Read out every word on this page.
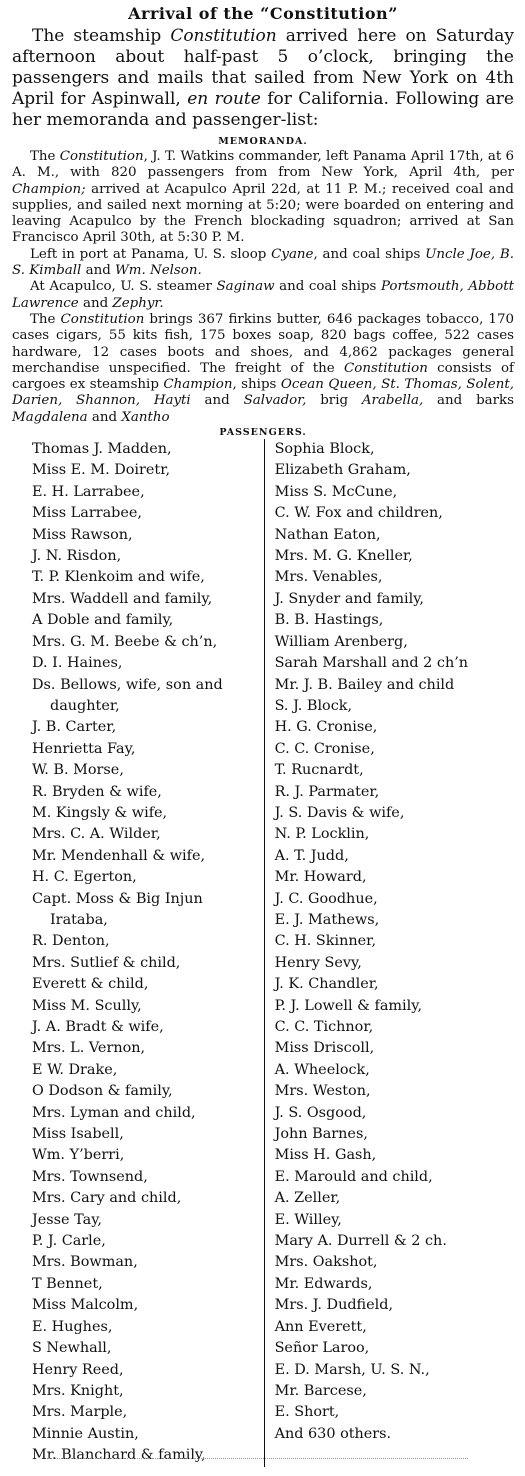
Arrival of the “Constitution”

The steamship Constitution arrived here on Saturday afternoon about half-past 5 o’clock, bringing the passengers and mails that sailed from New York on 4th April for Aspinwall, en route for California. Following are her memoranda and passenger-list:

MEMORANDA.

The Constitution, J. T. Watkins commander, left Panama April 17th, at 6 A. M., with 820 passengers from from New York, April 4th, per Champion; arrived at Acapulco April 22d, at 11 P. M.; received coal and supplies, and sailed next morning at 5:20; were boarded on entering and leaving Acapulco by the French blockading squadron; arrived at San Francisco April 30th, at 5:30 P. M.

Left in port at Panama, U. S. sloop Cyane, and coal ships Uncle Joe, B. S. Kimball and Wm. Nelson.

At Acapulco, U. S. steamer Saginaw and coal ships Portsmouth, Abbott Lawrence and Zephyr.

The Constitution brings 367 firkins butter, 646 packages tobacco, 170 cases cigars, 55 kits fish, 175 boxes soap, 820 bags coffee, 522 cases hardware, 12 cases boots and shoes, and 4,862 packages general merchandise unspecified. The freight of the Constitution consists of cargoes ex steamship Champion, ships Ocean Queen, St. Thomas, Solent, Darien, Shannon, Hayti and Salvador, brig Arabella, and barks Magdalena and Xantho

PASSENGERS.
Thomas J. Madden,
Miss E. M. Doiretr,
E. H. Larrabee,
Miss Larrabee,
Miss Rawson,
J. N. Risdon,
T. P. Klenkoim and wife,
Mrs. Waddell and family,
A Doble and family,
Mrs. G. M. Beebe & ch’n,
D. I. Haines,
Ds. Bellows, wife, son and
daughter,
J. B. Carter,
Henrietta Fay,
W. B. Morse,
R. Bryden & wife,
M. Kingsly & wife,
Mrs. C. A. Wilder,
Mr. Mendenhall & wife,
H. C. Egerton,
Capt. Moss & Big Injun
Irataba,
R. Denton,
Mrs. Sutlief & child,
Everett & child,
Miss M. Scully,
J. A. Bradt & wife,
Mrs. L. Vernon,
E W. Drake,
O Dodson & family,
Mrs. Lyman and child,
Miss Isabell,
Wm. Y’berri,
Mrs. Townsend,
Mrs. Cary and child,
Jesse Tay,
P. J. Carle,
Mrs. Bowman,
T Bennet,
Miss Malcolm,
E. Hughes,
S Newhall,
Henry Reed,
Mrs. Knight,
Mrs. Marple,
Minnie Austin,
Mr. Blanchard & family,
Sophia Block,
Elizabeth Graham,
Miss S. McCune,
C. W. Fox and children,
Nathan Eaton,
Mrs. M. G. Kneller,
Mrs. Venables,
J. Snyder and family,
B. B. Hastings,
William Arenberg,
Sarah Marshall and 2 ch’n
Mr. J. B. Bailey and child
S. J. Block,
H. G. Cronise,
C. C. Cronise,
T. Rucnardt,
R. J. Parmater,
J. S. Davis & wife,
N. P. Locklin,
A. T. Judd,
Mr. Howard,
J. C. Goodhue,
E. J. Mathews,
C. H. Skinner,
Henry Sevy,
J. K. Chandler,
P. J. Lowell & family,
C. C. Tichnor,
Miss Driscoll,
A. Wheelock,
Mrs. Weston,
J. S. Osgood,
John Barnes,
Miss H. Gash,
E. Marould and child,
A. Zeller,
E. Willey,
Mary A. Durrell & 2 ch.
Mrs. Oakshot,
Mr. Edwards,
Mrs. J. Dudfield,
Ann Everett,
Señor Laroo,
E. D. Marsh, U. S. N.,
Mr. Barcese,
E. Short,
And 630 others.
